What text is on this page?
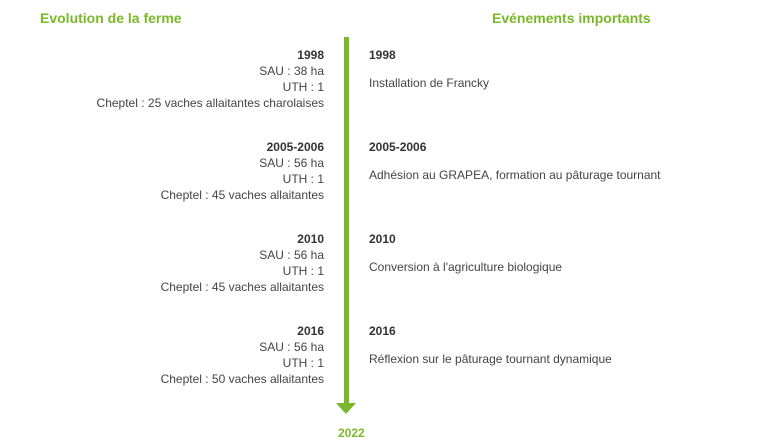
Evolution de la ferme	Evénements importants
2022
1998
SAU : 38 ha
UTH : 1
Cheptel : 25 vaches allaitantes charolaises
2005-2006
SAU : 56 ha
UTH : 1
Cheptel : 45 vaches allaitantes
2010
SAU : 56 ha
UTH : 1
Cheptel : 45 vaches allaitantes
2016
SAU : 56 ha
UTH : 1
Cheptel : 50 vaches allaitantes
1998
Installation de Francky
2005-2006
Adhésion au GRAPEA, formation au pâturage tournant
2010
Conversion à l'agriculture biologique
2016
Réflexion sur le pâturage tournant dynamique
